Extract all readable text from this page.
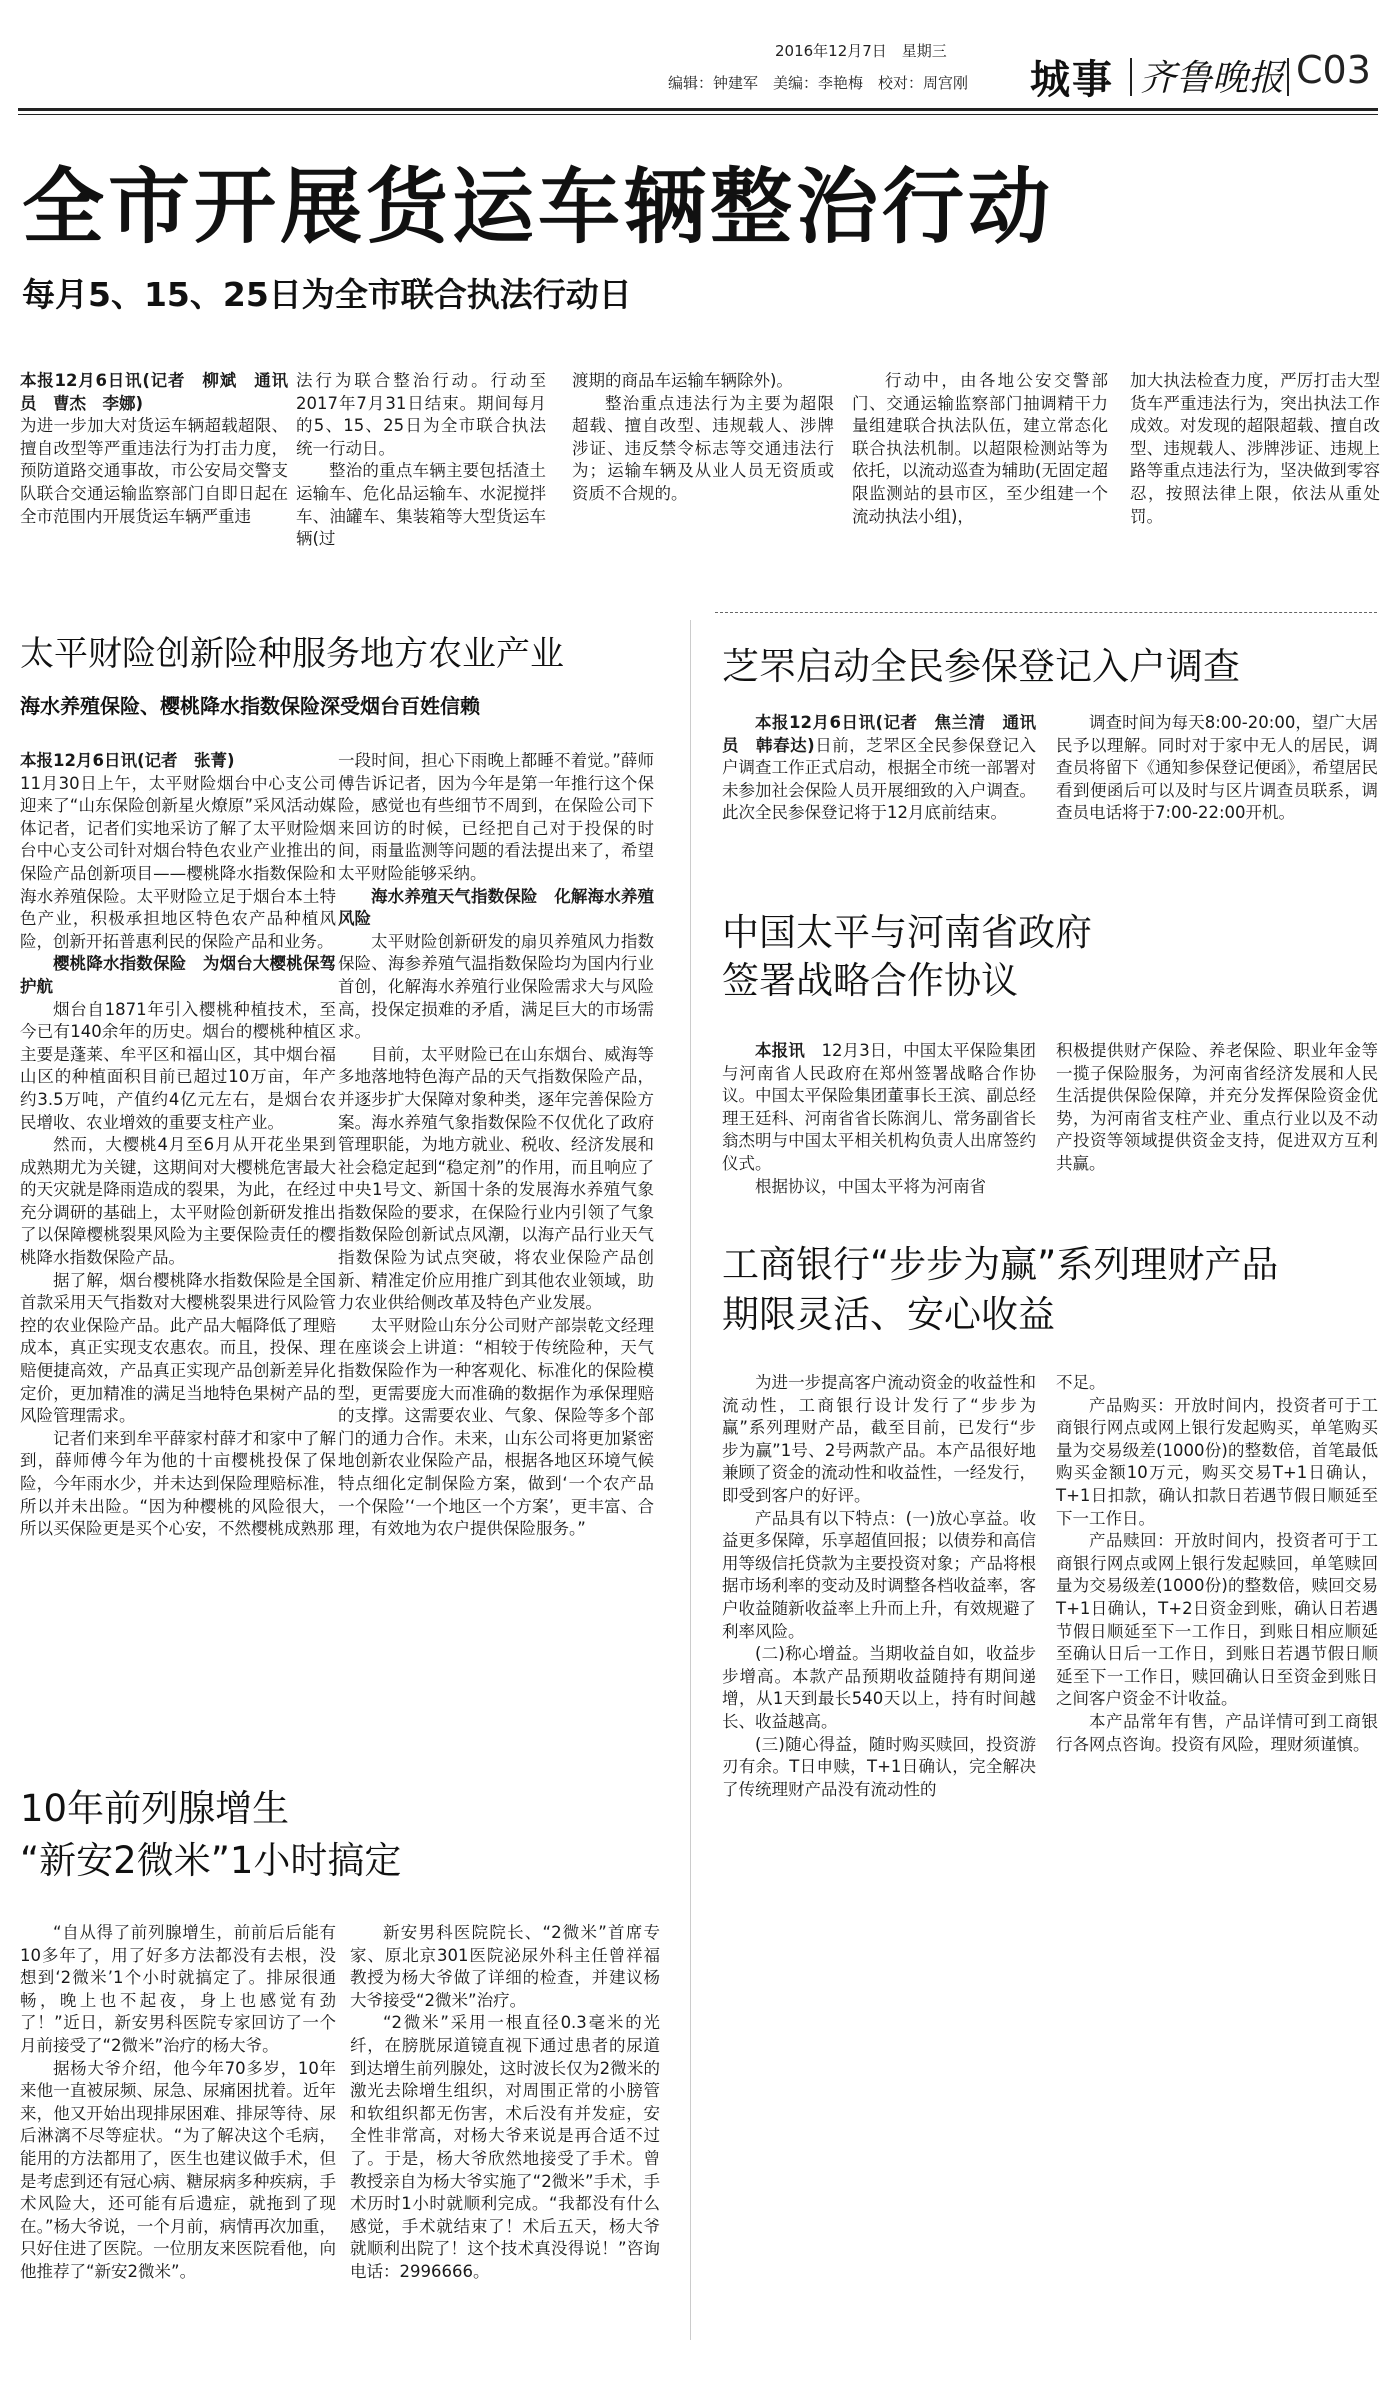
2016年12月7日　星期三
编辑：钟建军　美编：李艳梅　校对：周宫刚 城事 齐鲁晚报 C03
全市开展货运车辆整治行动
每月5、15、25日为全市联合执法行动日

本报12月6日讯(记者　柳斌　通讯员　曹杰　李娜)

为进一步加大对货运车辆超载超限、擅自改型等严重违法行为打击力度，预防道路交通事故，市公安局交警支队联合交通运输监察部门自即日起在全市范围内开展货运车辆严重违

法行为联合整治行动。行动至2017年7月31日结束。期间每月的5、15、25日为全市联合执法统一行动日。

整治的重点车辆主要包括渣土运输车、危化品运输车、水泥搅拌车、油罐车、集装箱等大型货运车辆(过

渡期的商品车运输车辆除外)。

整治重点违法行为主要为超限超载、擅自改型、违规载人、涉牌涉证、违反禁令标志等交通违法行为；运输车辆及从业人员无资质或资质不合规的。

行动中，由各地公安交警部门、交通运输监察部门抽调精干力量组建联合执法队伍，建立常态化联合执法机制。以超限检测站等为依托，以流动巡查为辅助(无固定超限监测站的县市区，至少组建一个流动执法小组)，

加大执法检查力度，严厉打击大型货车严重违法行为，突出执法工作成效。对发现的超限超载、擅自改型、违规载人、涉牌涉证、违规上路等重点违法行为，坚决做到零容忍，按照法律上限，依法从重处罚。

太平财险创新险种服务地方农业产业
海水养殖保险、樱桃降水指数保险深受烟台百姓信赖

本报12月6日讯(记者　张菁)

11月30日上午，太平财险烟台中心支公司迎来了“山东保险创新星火燎原”采风活动媒体记者，记者们实地采访了解了太平财险烟台中心支公司针对烟台特色农业产业推出的保险产品创新项目——樱桃降水指数保险和海水养殖保险。太平财险立足于烟台本土特色产业，积极承担地区特色农产品种植风险，创新开拓普惠利民的保险产品和业务。

樱桃降水指数保险　为烟台大樱桃保驾护航

烟台自1871年引入樱桃种植技术，至今已有140余年的历史。烟台的樱桃种植区主要是蓬莱、牟平区和福山区，其中烟台福山区的种植面积目前已超过10万亩，年产约3.5万吨，产值约4亿元左右，是烟台农民增收、农业增效的重要支柱产业。

然而，大樱桃4月至6月从开花坐果到成熟期尤为关键，这期间对大樱桃危害最大的天灾就是降雨造成的裂果，为此，在经过充分调研的基础上，太平财险创新研发推出了以保障樱桃裂果风险为主要保险责任的樱桃降水指数保险产品。

据了解，烟台樱桃降水指数保险是全国首款采用天气指数对大樱桃裂果进行风险管控的农业保险产品。此产品大幅降低了理赔成本，真正实现支农惠农。而且，投保、理赔便捷高效，产品真正实现产品创新差异化定价，更加精准的满足当地特色果树产品的风险管理需求。

记者们来到牟平薛家村薛才和家中了解到，薛师傅今年为他的十亩樱桃投保了保险，今年雨水少，并未达到保险理赔标准，所以并未出险。“因为种樱桃的风险很大，所以买保险更是买个心安，不然樱桃成熟那

一段时间，担心下雨晚上都睡不着觉。”薛师傅告诉记者，因为今年是第一年推行这个保险，感觉也有些细节不周到，在保险公司下来回访的时候，已经把自己对于投保的时间，雨量监测等问题的看法提出来了，希望太平财险能够采纳。

海水养殖天气指数保险　化解海水养殖风险

太平财险创新研发的扇贝养殖风力指数保险、海参养殖气温指数保险均为国内行业首创，化解海水养殖行业保险需求大与风险高，投保定损难的矛盾，满足巨大的市场需求。

目前，太平财险已在山东烟台、威海等多地落地特色海产品的天气指数保险产品，并逐步扩大保障对象种类，逐年完善保险方案。海水养殖气象指数保险不仅优化了政府管理职能，为地方就业、税收、经济发展和社会稳定起到“稳定剂”的作用，而且响应了中央1号文、新国十条的发展海水养殖气象指数保险的要求，在保险行业内引领了气象指数保险创新试点风潮，以海产品行业天气指数保险为试点突破，将农业保险产品创新、精准定价应用推广到其他农业领域，助力农业供给侧改革及特色产业发展。

太平财险山东分公司财产部崇乾文经理在座谈会上讲道：“相较于传统险种，天气指数保险作为一种客观化、标准化的保险模型，更需要庞大而准确的数据作为承保理赔的支撑。这需要农业、气象、保险等多个部门的通力合作。未来，山东公司将更加紧密地创新农业保险产品，根据各地区环境气候特点细化定制保险方案，做到‘一个农产品一个保险’‘一个地区一个方案’，更丰富、合理，有效地为农户提供保险服务。”

芝罘启动全民参保登记入户调查

本报12月6日讯(记者　焦兰清　通讯员　韩春达)日前，芝罘区全民参保登记入户调查工作正式启动，根据全市统一部署对未参加社会保险人员开展细致的入户调查。此次全民参保登记将于12月底前结束。

调查时间为每天8:00-20:00，望广大居民予以理解。同时对于家中无人的居民，调查员将留下《通知参保登记便函》，希望居民看到便函后可以及时与区片调查员联系，调查员电话将于7:00-22:00开机。

中国太平与河南省政府
签署战略合作协议

本报讯　 12月3日，中国太平保险集团与河南省人民政府在郑州签署战略合作协议。中国太平保险集团董事长王滨、副总经理王廷科、河南省省长陈润儿、常务副省长翁杰明与中国太平相关机构负责人出席签约仪式。

根据协议，中国太平将为河南省

积极提供财产保险、养老保险、职业年金等一揽子保险服务，为河南省经济发展和人民生活提供保险保障，并充分发挥保险资金优势，为河南省支柱产业、重点行业以及不动产投资等领域提供资金支持，促进双方互利共赢。

工商银行“步步为赢”系列理财产品
期限灵活、安心收益

为进一步提高客户流动资金的收益性和流动性，工商银行设计发行了“步步为赢”系列理财产品，截至目前，已发行“步步为赢”1号、2号两款产品。本产品很好地兼顾了资金的流动性和收益性，一经发行，即受到客户的好评。

产品具有以下特点：(一)放心享益。收益更多保障，乐享超值回报；以债券和高信用等级信托贷款为主要投资对象；产品将根据市场利率的变动及时调整各档收益率，客户收益随新收益率上升而上升，有效规避了利率风险。

(二)称心增益。当期收益自如，收益步步增高。本款产品预期收益随持有期间递增，从1天到最长540天以上，持有时间越长、收益越高。

(三)随心得益，随时购买赎回，投资游刃有余。T日申赎，T+1日确认，完全解决了传统理财产品没有流动性的

不足。

产品购买：开放时间内，投资者可于工商银行网点或网上银行发起购买，单笔购买量为交易级差(1000份)的整数倍，首笔最低购买金额10万元，购买交易T+1日确认，T+1日扣款，确认扣款日若遇节假日顺延至下一工作日。

产品赎回：开放时间内，投资者可于工商银行网点或网上银行发起赎回，单笔赎回量为交易级差(1000份)的整数倍，赎回交易T+1日确认，T+2日资金到账，确认日若遇节假日顺延至下一工作日，到账日相应顺延至确认日后一工作日，到账日若遇节假日顺延至下一工作日，赎回确认日至资金到账日之间客户资金不计收益。

本产品常年有售，产品详情可到工商银行各网点咨询。投资有风险，理财须谨慎。

10年前列腺增生
“新安2微米”1小时搞定

“自从得了前列腺增生，前前后后能有10多年了，用了好多方法都没有去根，没想到‘2微米’1个小时就搞定了。排尿很通畅，晚上也不起夜，身上也感觉有劲了！”近日，新安男科医院专家回访了一个月前接受了“2微米”治疗的杨大爷。

据杨大爷介绍，他今年70多岁，10年来他一直被尿频、尿急、尿痛困扰着。近年来，他又开始出现排尿困难、排尿等待、尿后淋漓不尽等症状。“为了解决这个毛病，能用的方法都用了，医生也建议做手术，但是考虑到还有冠心病、糖尿病多种疾病，手术风险大，还可能有后遗症，就拖到了现在。”杨大爷说，一个月前，病情再次加重，只好住进了医院。一位朋友来医院看他，向他推荐了“新安2微米”。

新安男科医院院长、“2微米”首席专家、原北京301医院泌尿外科主任曾祥福教授为杨大爷做了详细的检查，并建议杨大爷接受“2微米”治疗。

“2微米”采用一根直径0.3毫米的光纤，在膀胱尿道镜直视下通过患者的尿道到达增生前列腺处，这时波长仅为2微米的激光去除增生组织，对周围正常的小膀管和软组织都无伤害，术后没有并发症，安全性非常高，对杨大爷来说是再合适不过了。于是，杨大爷欣然地接受了手术。曾教授亲自为杨大爷实施了“2微米”手术，手术历时1小时就顺利完成。“我都没有什么感觉，手术就结束了！术后五天，杨大爷就顺利出院了！这个技术真没得说！”咨询电话：2996666。
